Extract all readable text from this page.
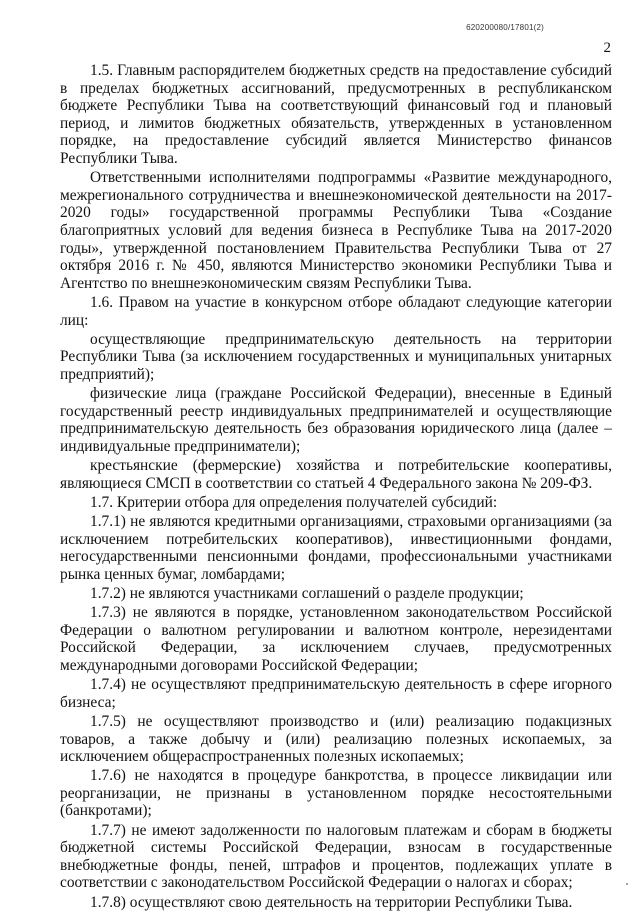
620200080/17801(2)
2

1.5. Главным распорядителем бюджетных средств на предоставление субсидий в пределах бюджетных ассигнований, предусмотренных в республиканском бюджете Республики Тыва на соответствующий финансовый год и плановый период, и лимитов бюджетных обязательств, утвержденных в установленном порядке, на предоставление субсидий является Министерство финансов Республики Тыва.

Ответственными исполнителями подпрограммы «Развитие международного, межрегионального сотрудничества и внешнеэкономической деятельности на 2017-2020 годы» государственной программы Республики Тыва «Создание благоприятных условий для ведения бизнеса в Республике Тыва на 2017-2020 годы», утвержденной постановлением Правительства Республики Тыва от 27 октября 2016 г. № 450, являются Министерство экономики Республики Тыва и Агентство по внешнеэкономическим связям Республики Тыва.

1.6. Правом на участие в конкурсном отборе обладают следующие категории лиц:

осуществляющие предпринимательскую деятельность на территории Республики Тыва (за исключением государственных и муниципальных унитарных предприятий);

физические лица (граждане Российской Федерации), внесенные в Единый государственный реестр индивидуальных предпринимателей и осуществляющие предпринимательскую деятельность без образования юридического лица (далее – индивидуальные предприниматели);

крестьянские (фермерские) хозяйства и потребительские кооперативы, являющиеся СМСП в соответствии со статьей 4 Федерального закона № 209-ФЗ.

1.7. Критерии отбора для определения получателей субсидий:

1.7.1) не являются кредитными организациями, страховыми организациями (за исключением потребительских кооперативов), инвестиционными фондами, негосударственными пенсионными фондами, профессиональными участниками рынка ценных бумаг, ломбардами;

1.7.2) не являются участниками соглашений о разделе продукции;

1.7.3) не являются в порядке, установленном законодательством Российской Федерации о валютном регулировании и валютном контроле, нерезидентами Российской Федерации, за исключением случаев, предусмотренных международными договорами Российской Федерации;

1.7.4) не осуществляют предпринимательскую деятельность в сфере игорного бизнеса;

1.7.5) не осуществляют производство и (или) реализацию подакцизных товаров, а также добычу и (или) реализацию полезных ископаемых, за исключением общераспространенных полезных ископаемых;

1.7.6) не находятся в процедуре банкротства, в процессе ликвидации или реорганизации, не признаны в установленном порядке несостоятельными (банкротами);

1.7.7) не имеют задолженности по налоговым платежам и сборам в бюджеты бюджетной системы Российской Федерации, взносам в государственные внебюджетные фонды, пеней, штрафов и процентов, подлежащих уплате в соответствии с законодательством Российской Федерации о налогах и сборах;

1.7.8) осуществляют свою деятельность на территории Республики Тыва.
